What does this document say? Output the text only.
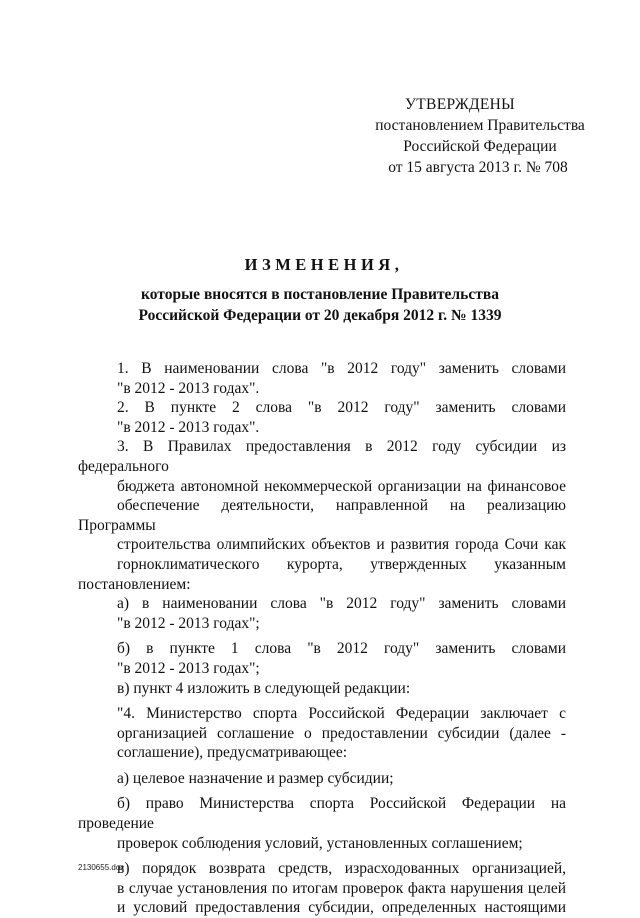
УТВЕРЖДЕНЫ
постановлением Правительства
Российской Федерации
от 15 августа 2013 г. № 708
ИЗМЕНЕНИЯ,
которые вносятся в постановление Правительства
Российской Федерации от 20 декабря 2012 г. № 1339

1. В наименовании слова "в 2012 году" заменить словами
"в 2012 - 2013 годах".

2. В пункте 2 слова "в 2012 году" заменить словами
"в 2012 - 2013 годах".

3. В Правилах предоставления в 2012 году субсидии из федерального
бюджета автономной некоммерческой организации на финансовое
обеспечение деятельности, направленной на реализацию Программы
строительства олимпийских объектов и развития города Сочи как
горноклиматического курорта, утвержденных указанным постановлением:

а) в наименовании слова "в 2012 году" заменить словами
"в 2012 - 2013 годах";

б) в пункте 1 слова "в 2012 году" заменить словами
"в 2012 - 2013 годах";

в) пункт 4 изложить в следующей редакции:

"4. Министерство спорта Российской Федерации заключает с
организацией соглашение о предоставлении субсидии (далее -
соглашение), предусматривающее:

а) целевое назначение и размер субсидии;

б) право Министерства спорта Российской Федерации на проведение
проверок соблюдения условий, установленных соглашением;

в) порядок возврата средств, израсходованных организацией,
в случае установления по итогам проверок факта нарушения целей
и условий предоставления субсидии, определенных настоящими

2130655.doc
